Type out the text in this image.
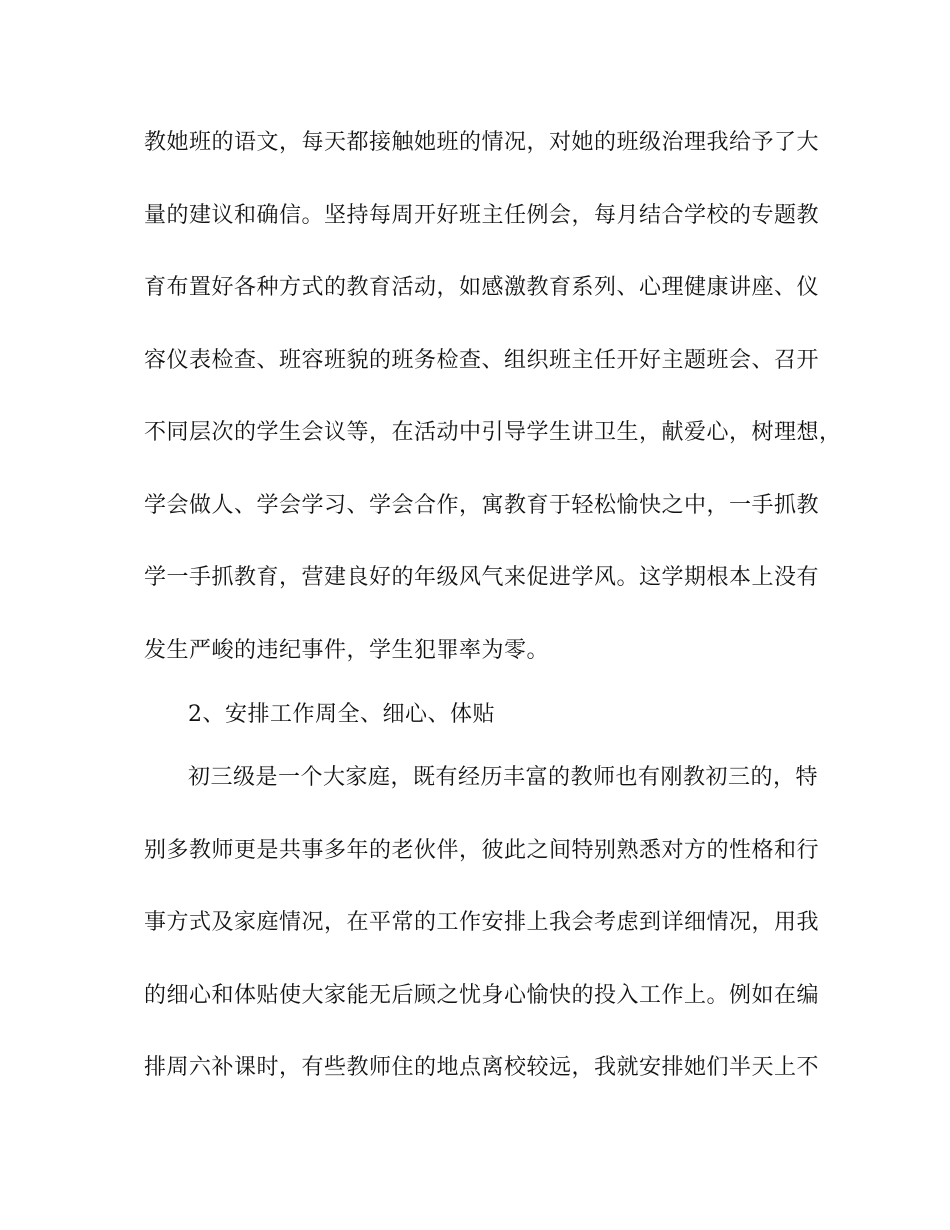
教她班的语文，每天都接触她班的情况，对她的班级治理我给予了大
量的建议和确信。坚持每周开好班主任例会，每月结合学校的专题教
育布置好各种方式的教育活动，如感激教育系列、心理健康讲座、仪
容仪表检查、班容班貌的班务检查、组织班主任开好主题班会、召开
不同层次的学生会议等，在活动中引导学生讲卫生，献爱心，树理想，
学会做人、学会学习、学会合作，寓教育于轻松愉快之中，一手抓教
学一手抓教育，营建良好的年级风气来促进学风。这学期根本上没有
发生严峻的违纪事件，学生犯罪率为零。
2、安排工作周全、细心、体贴
初三级是一个大家庭，既有经历丰富的教师也有刚教初三的，特
别多教师更是共事多年的老伙伴，彼此之间特别熟悉对方的性格和行
事方式及家庭情况，在平常的工作安排上我会考虑到详细情况，用我
的细心和体贴使大家能无后顾之忧身心愉快的投入工作上。例如在编
排周六补课时，有些教师住的地点离校较远，我就安排她们半天上不
